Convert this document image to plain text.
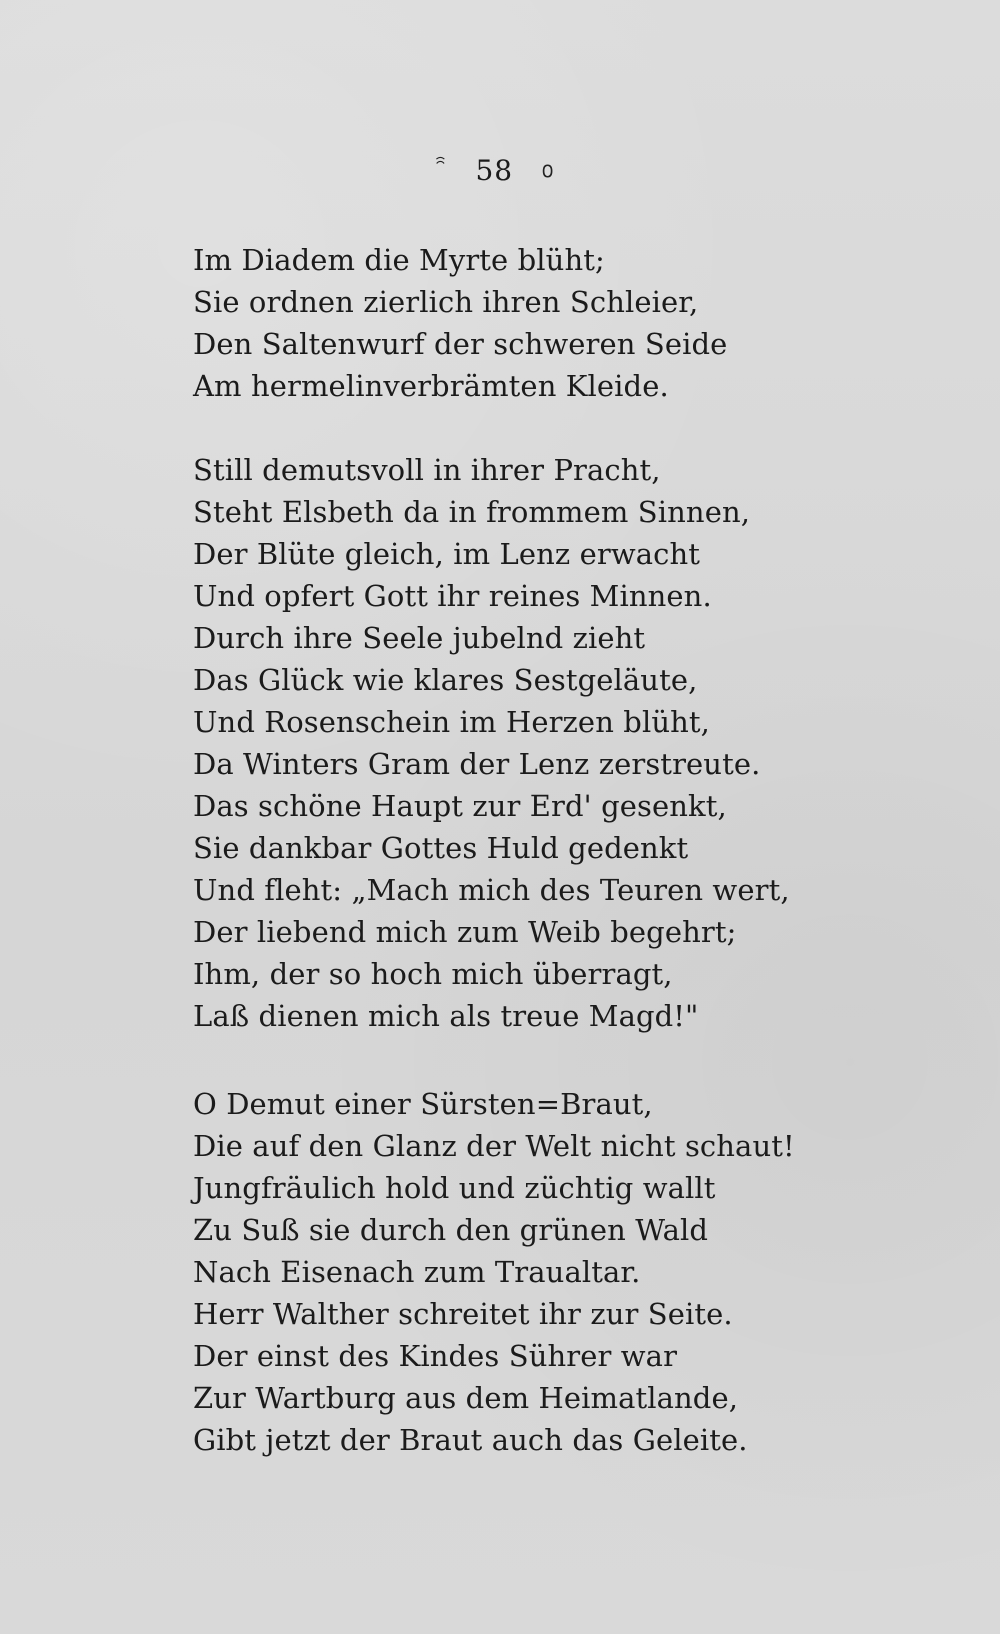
ꩰ 58 ൦
Im Diadem die Myrte blüht;
Sie ordnen zierlich ihren Schleier,
Den Saltenwurf der schweren Seide
Am hermelinverbrämten Kleide.
Still demutsvoll in ihrer Pracht,
Steht Elsbeth da in frommem Sinnen,
Der Blüte gleich, im Lenz erwacht
Und opfert Gott ihr reines Minnen.
Durch ihre Seele jubelnd zieht
Das Glück wie klares Sestgeläute,
Und Rosenschein im Herzen blüht,
Da Winters Gram der Lenz zerstreute.
Das schöne Haupt zur Erd' gesenkt,
Sie dankbar Gottes Huld gedenkt
Und fleht: „Mach mich des Teuren wert,
Der liebend mich zum Weib begehrt;
Ihm, der so hoch mich überragt,
Laß dienen mich als treue Magd!"
O Demut einer Sürsten=Braut,
Die auf den Glanz der Welt nicht schaut!
Jungfräulich hold und züchtig wallt
Zu Suß sie durch den grünen Wald
Nach Eisenach zum Traualtar.
Herr Walther schreitet ihr zur Seite.
Der einst des Kindes Sührer war
Zur Wartburg aus dem Heimatlande,
Gibt jetzt der Braut auch das Geleite.
